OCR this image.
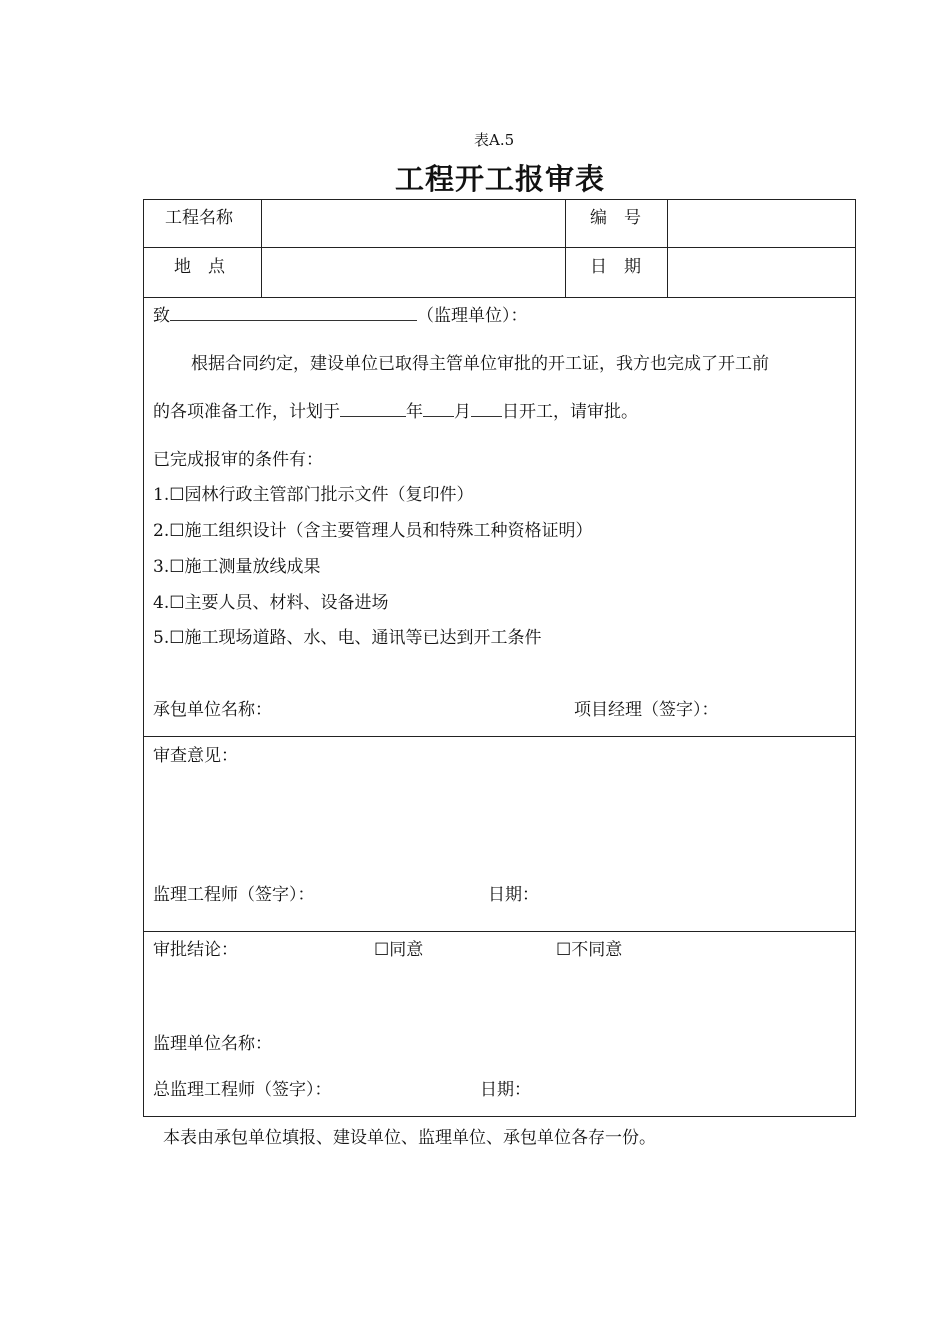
表A.5
工程开工报审表
工程名称	编　号
地　点	日　期
致	（监理单位）：
根据合同约定，建设单位已取得主管单位审批的开工证，我方也完成了开工前
的各项准备工作，计划于	年 月 日开工，请审批。
已完成报审的条件有：
1.☐园林行政主管部门批示文件（复印件）
2.☐施工组织设计（含主要管理人员和特殊工种资格证明）
3.☐施工测量放线成果
4.☐主要人员、材料、设备进场
5.☐施工现场道路、水、电、通讯等已达到开工条件
承包单位名称：	项目经理（签字）：
审查意见：
监理工程师（签字）：	日期：
审批结论：	☐同意	☐不同意
监理单位名称：
总监理工程师（签字）：	日期：
本表由承包单位填报、建设单位、监理单位、承包单位各存一份。
